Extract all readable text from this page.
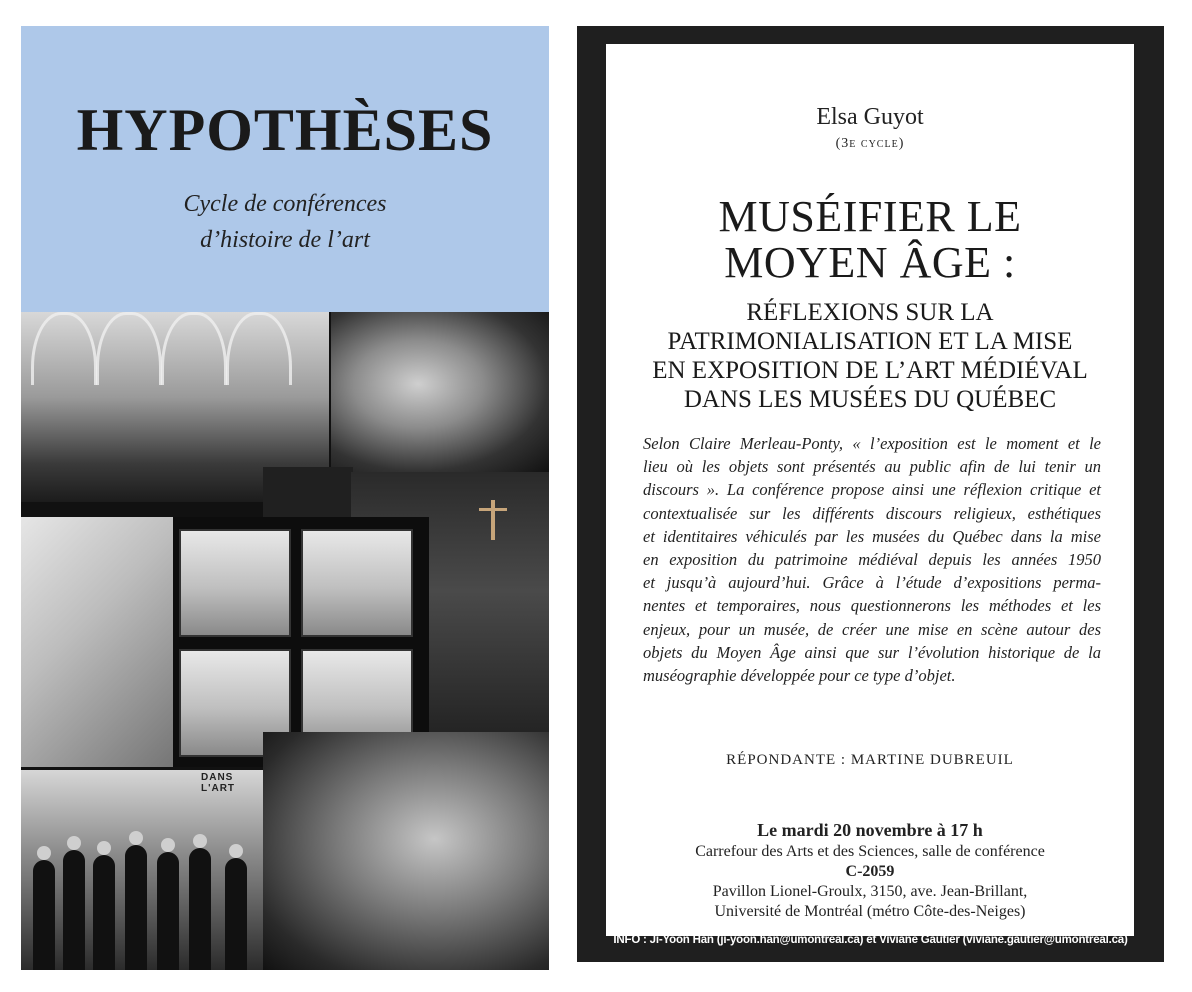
HYPOTHÈSES
Cycle de conférences
d’histoire de l’art
DANS L'ART
Elsa Guyot
(3e cycle)
MUSÉIFIER LE
MOYEN ÂGE :
RÉFLEXIONS SUR LA
PATRIMONIALISATION ET LA MISE
EN EXPOSITION DE L’ART MÉDIÉVAL
DANS LES MUSÉES DU QUÉBEC
Selon Claire Merleau-Ponty, « l’exposition est le moment et le
lieu où les objets sont présentés au public afin de lui tenir un
discours ». La conférence propose ainsi une réflexion critique et
contextualisée sur les différents discours religieux, esthétiques
et identitaires véhiculés par les musées du Québec dans la mise
en exposition du patrimoine médiéval depuis les années 1950
et jusqu’à aujourd’hui. Grâce à l’étude d’expositions perma-
nentes et temporaires, nous questionnerons les méthodes et les
enjeux, pour un musée, de créer une mise en scène autour des
objets du Moyen Âge ainsi que sur l’évolution historique de la
muséographie développée pour ce type d’objet.
RÉPONDANTE : MARTINE DUBREUIL
Le mardi 20 novembre à 17 h
Carrefour des Arts et des Sciences, salle de conférence
C-2059
Pavillon Lionel-Groulx, 3150, ave. Jean-Brillant,
Université de Montréal (métro Côte-des-Neiges)
INFO : Ji-Yoon Han (ji-yoon.han@umontreal.ca) et Viviane Gautier (viviane.gautier@umontreal.ca)
